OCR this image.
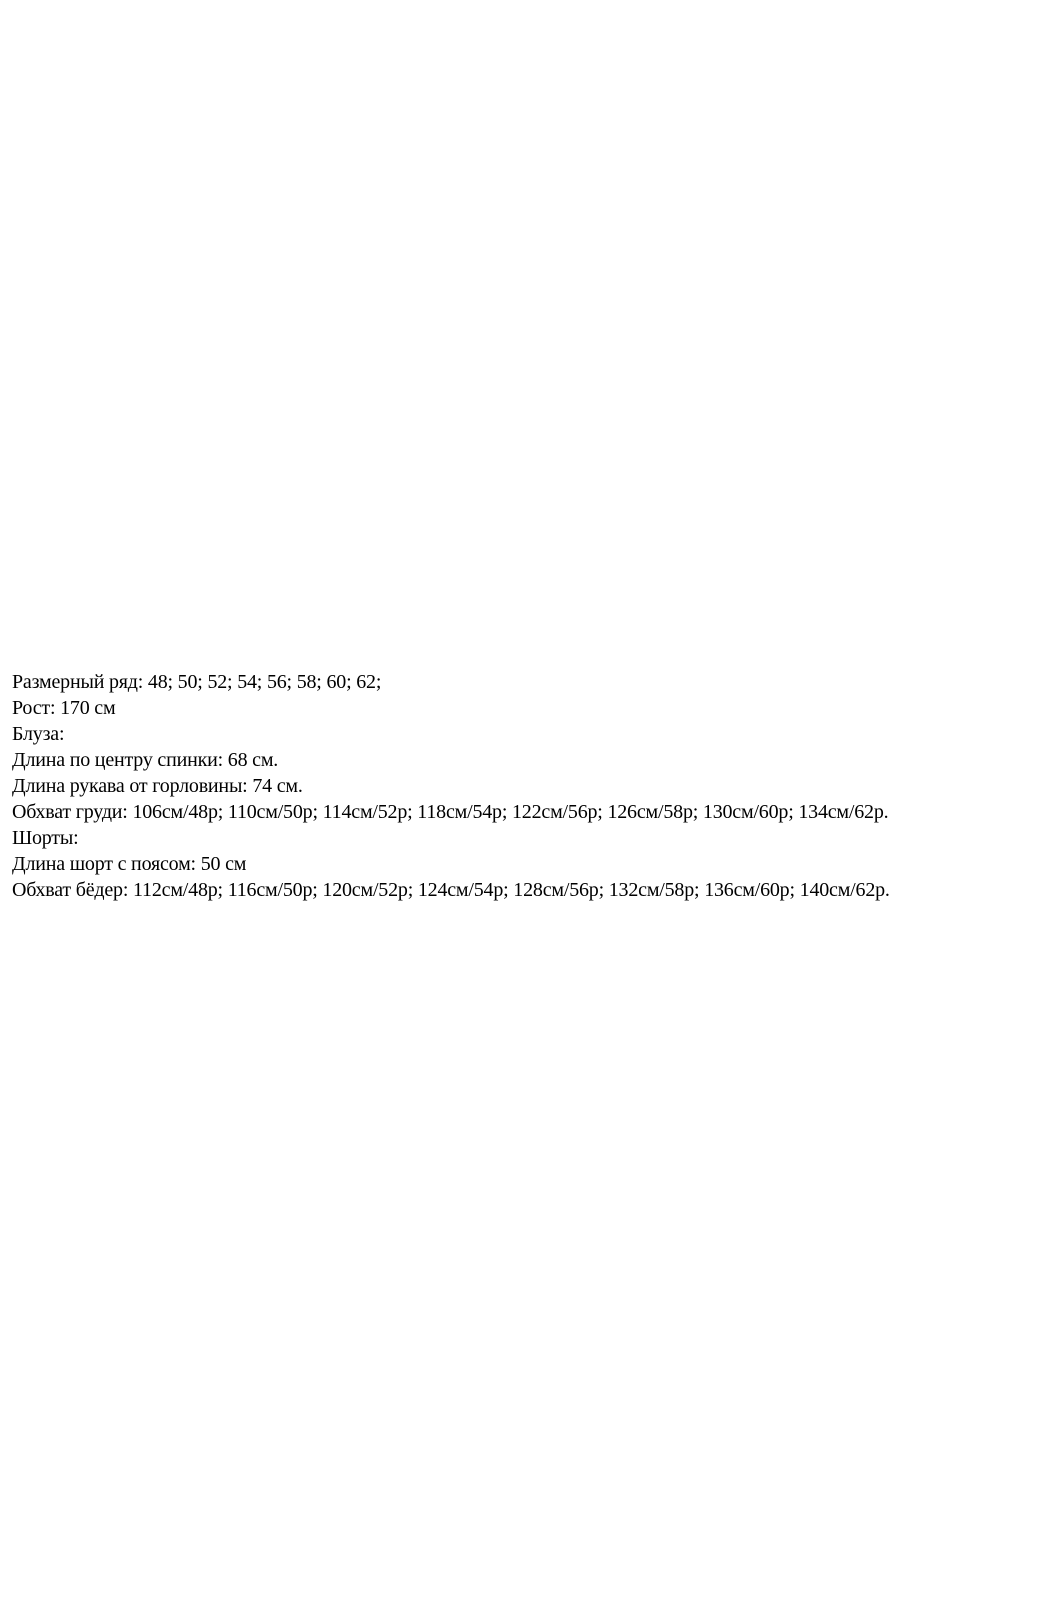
Размерный ряд: 48; 50; 52; 54; 56; 58; 60; 62;
Рост: 170 см
Блуза:
Длина по центру спинки: 68 см.
Длина рукава от горловины: 74 см.
Обхват груди: 106см/48р; 110см/50р; 114см/52р; 118см/54р; 122см/56р; 126см/58р; 130см/60р; 134см/62р.
Шорты:
Длина шорт с поясом: 50 см
Обхват бёдер: 112см/48р; 116см/50р; 120см/52р; 124см/54р; 128см/56р; 132см/58р; 136см/60р; 140см/62р.
